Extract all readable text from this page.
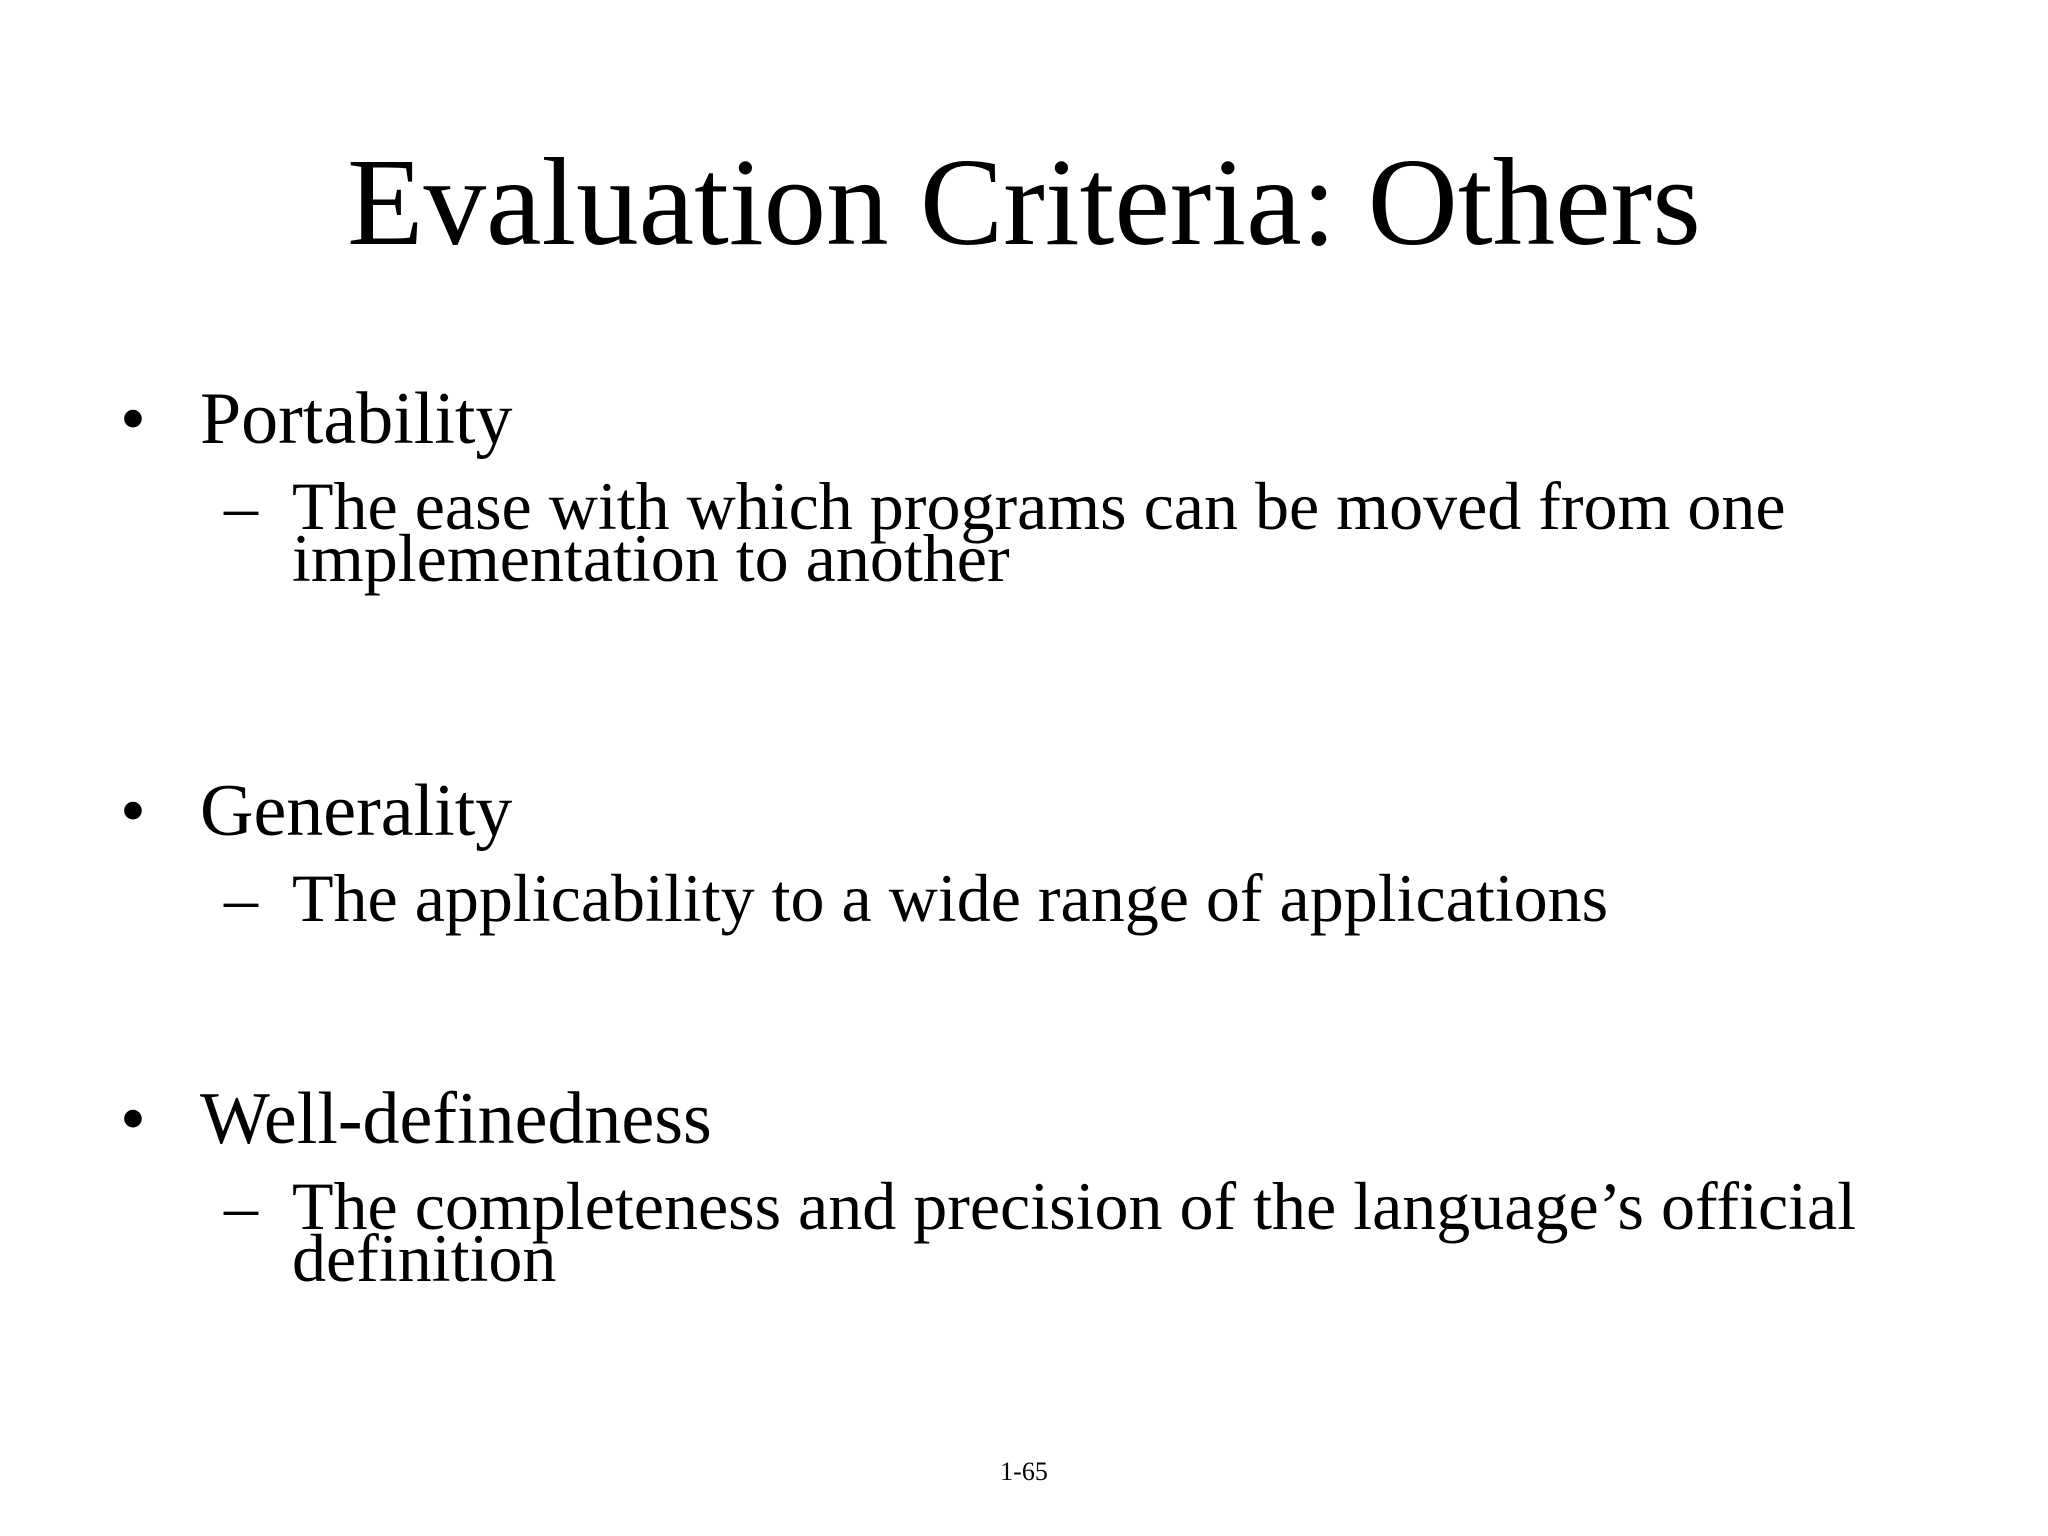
Evaluation Criteria: Others
• Portability
– The ease with which programs can be moved from one implementation to another
• Generality
– The applicability to a wide range of applications
• Well-definedness
– The completeness and precision of the language’s official definition
1-65
